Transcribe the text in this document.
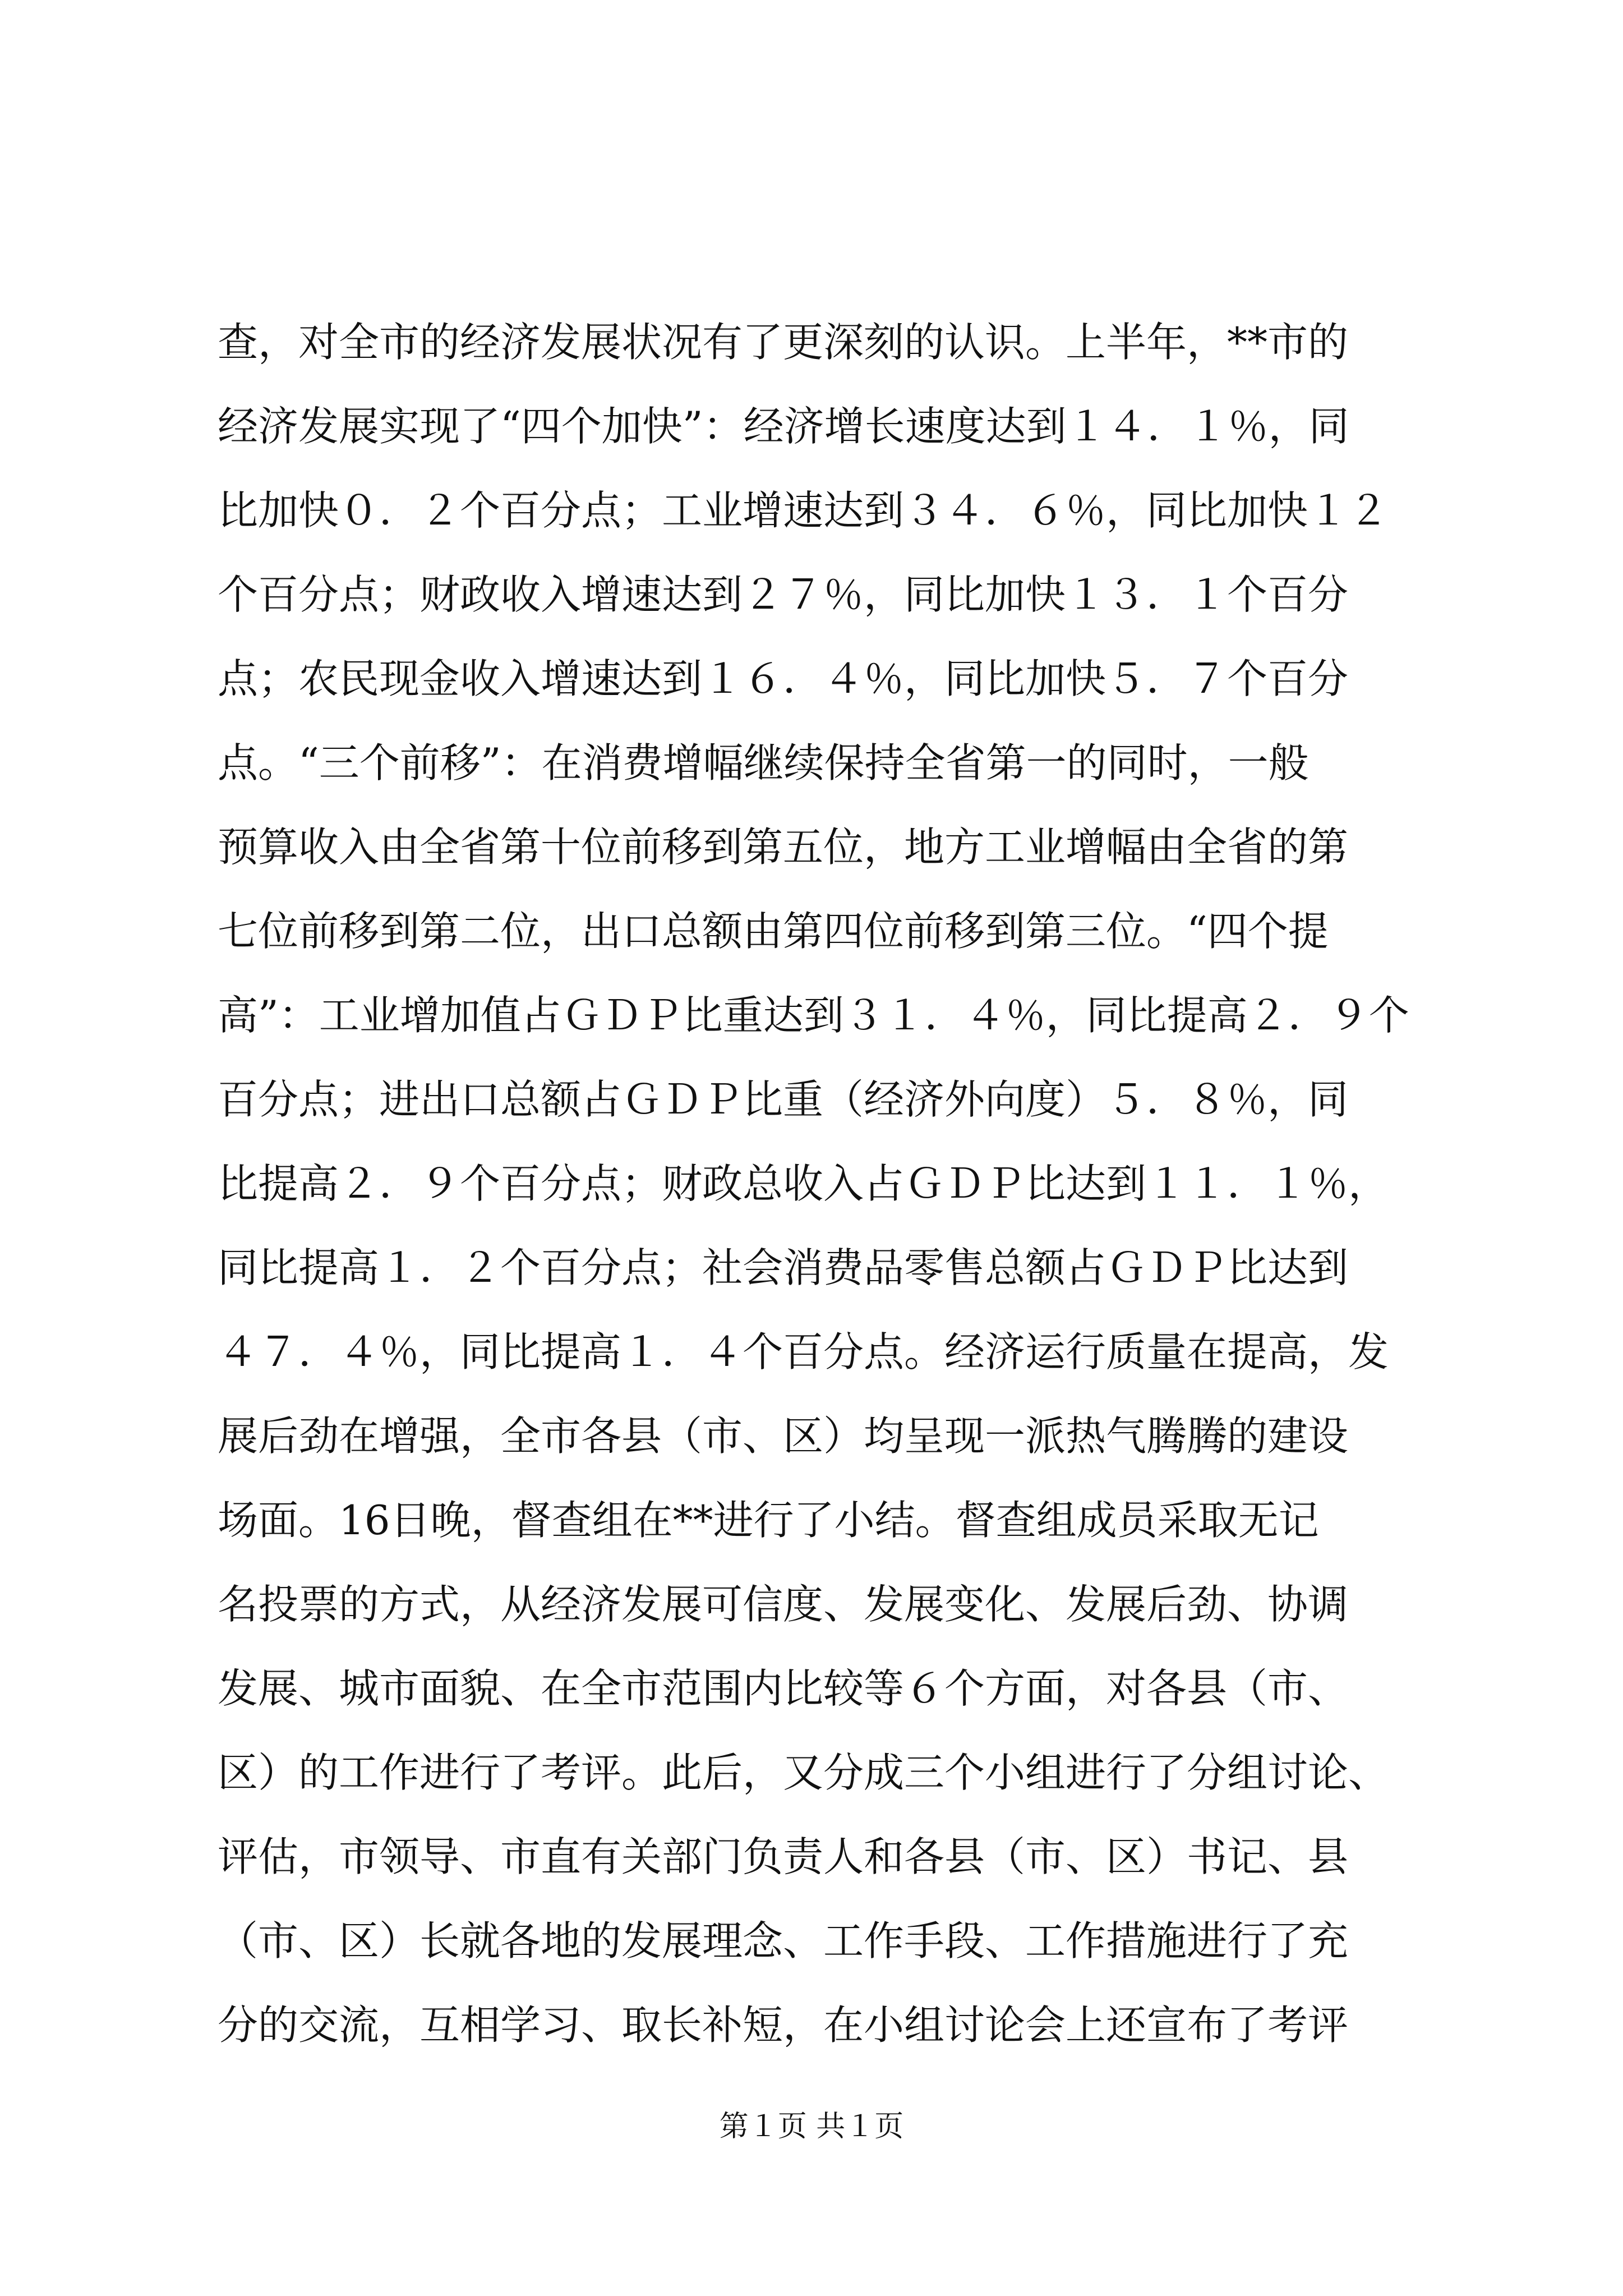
查，对全市的经济发展状况有了更深刻的认识。上半年，**市的
经济发展实现了“四个加快”：经济增长速度达到１４．１％，同
比加快０．２个百分点；工业增速达到３４．６％，同比加快１２
个百分点；财政收入增速达到２７％，同比加快１３．１个百分
点；农民现金收入增速达到１６．４％，同比加快５．７个百分
点。“三个前移”：在消费增幅继续保持全省第一的同时，一般
预算收入由全省第十位前移到第五位，地方工业增幅由全省的第
七位前移到第二位，出口总额由第四位前移到第三位。“四个提
高”：工业增加值占ＧＤＰ比重达到３１．４％，同比提高２．９个
百分点；进出口总额占ＧＤＰ比重（经济外向度）５．８％，同
比提高２．９个百分点；财政总收入占ＧＤＰ比达到１１．１％，
同比提高１．２个百分点；社会消费品零售总额占ＧＤＰ比达到
４７．４％，同比提高１．４个百分点。经济运行质量在提高，发
展后劲在增强，全市各县（市、区）均呈现一派热气腾腾的建设
场面。16日晚，督查组在**进行了小结。督查组成员采取无记
名投票的方式，从经济发展可信度、发展变化、发展后劲、协调
发展、城市面貌、在全市范围内比较等６个方面，对各县（市、
区）的工作进行了考评。此后，又分成三个小组进行了分组讨论、
评估，市领导、市直有关部门负责人和各县（市、区）书记、县
（市、区）长就各地的发展理念、工作手段、工作措施进行了充
分的交流，互相学习、取长补短，在小组讨论会上还宣布了考评
第１页 共１页
